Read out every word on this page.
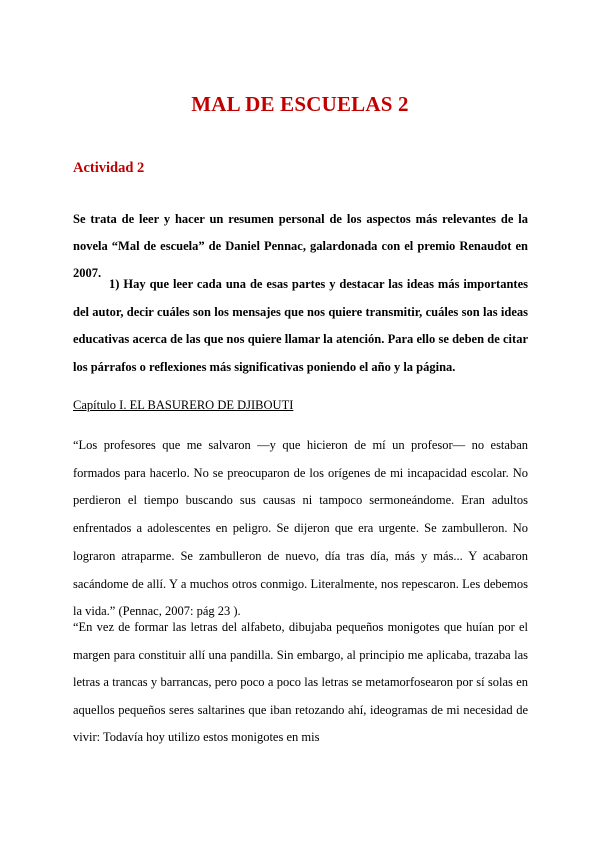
MAL DE ESCUELAS 2
Actividad 2

Se trata de leer y hacer un resumen personal de los aspectos más relevantes de la novela “Mal de escuela” de Daniel Pennac, galardonada con el premio Renaudot en 2007.

1) Hay que leer cada una de esas partes y destacar las ideas más importantes del autor, decir cuáles son los mensajes que nos quiere transmitir, cuáles son las ideas educativas acerca de las que nos quiere llamar la atención. Para ello se deben de citar los párrafos o reflexiones más significativas poniendo el año y la página.

Capítulo I. EL BASURERO DE DJIBOUTI

“Los profesores que me salvaron —y que hicieron de mí un profesor— no estaban formados para hacerlo. No se preocuparon de los orígenes de mi incapacidad escolar. No perdieron el tiempo buscando sus causas ni tampoco sermoneándome. Eran adultos enfrentados a adolescentes en peligro. Se dijeron que era urgente. Se zambulleron. No lograron atraparme. Se zambulleron de nuevo, día tras día, más y más... Y acabaron sacándome de allí. Y a muchos otros conmigo. Literalmente, nos repescaron. Les debemos la vida.” (Pennac, 2007: pág 23 ).

“En vez de formar las letras del alfabeto, dibujaba pequeños monigotes que huían por el margen para constituir allí una pandilla. Sin embargo, al principio me aplicaba, trazaba las letras a trancas y barrancas, pero poco a poco las letras se metamorfosearon por sí solas en aquellos pequeños seres saltarines que iban retozando ahí, ideogramas de mi necesidad de vivir: Todavía hoy utilizo estos monigotes en mis
